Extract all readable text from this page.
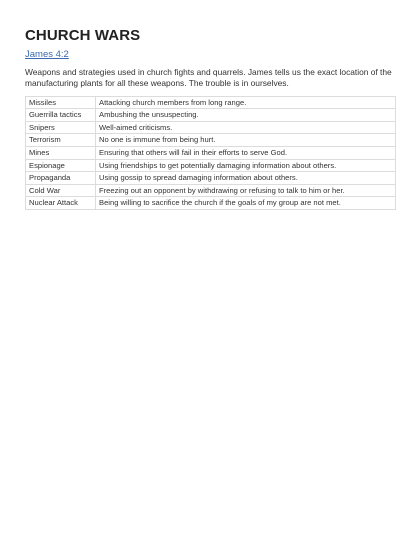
CHURCH WARS
James 4:2

Weapons and strategies used in church fights and quarrels. James tells us the exact location of the manufacturing plants for all these weapons. The trouble is in ourselves.

Missiles	Attacking church members from long range.
Guerrilla tactics	Ambushing the unsuspecting.
Snipers	Well-aimed criticisms.
Terrorism	No one is immune from being hurt.
Mines	Ensuring that others will fail in their efforts to serve God.
Espionage	Using friendships to get potentially damaging information about others.
Propaganda	Using gossip to spread damaging information about others.
Cold War	Freezing out an opponent by withdrawing or refusing to talk to him or her.
Nuclear Attack	Being willing to sacrifice the church if the goals of my group are not met.
